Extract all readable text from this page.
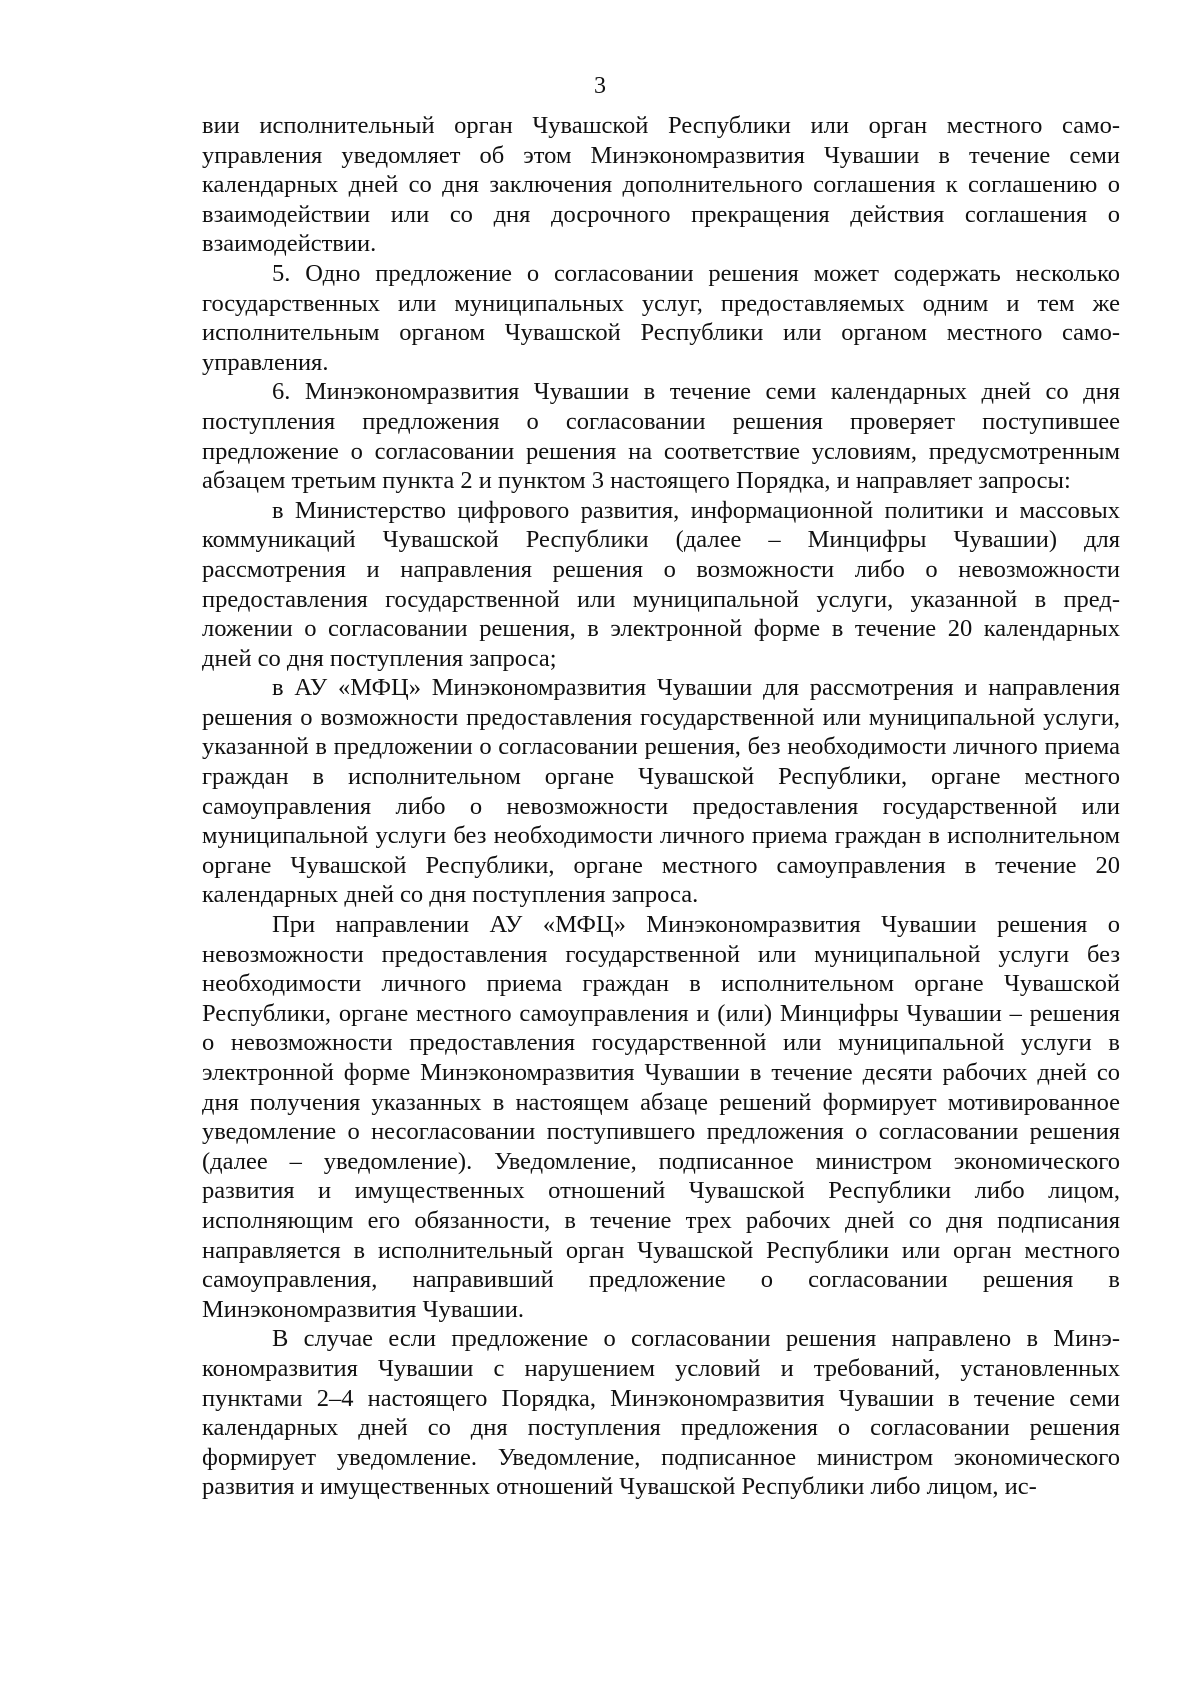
3

вии исполнительный орган Чувашской Республики или орган местного самоуправления уведомляет об этом Минэкономразвития Чувашии в течение семи календарных дней со дня заключения дополнительного соглашения к соглашению о взаимодействии или со дня досрочного прекращения действия соглашения о взаимодействии.

5. Одно предложение о согласовании решения может содержать несколько государственных или муниципальных услуг, предоставляемых одним и тем же исполнительным органом Чувашской Республики или органом местного самоуправления.

6. Минэкономразвития Чувашии в течение семи календарных дней со дня поступления предложения о согласовании решения проверяет поступившее предложение о согласовании решения на соответствие условиям, предусмотренным абзацем третьим пункта 2 и пунктом 3 настоящего Порядка, и направляет запросы:

в Министерство цифрового развития, информационной политики и массовых коммуникаций Чувашской Республики (далее – Минцифры Чувашии) для рассмотрения и направления решения о возможности либо о невозможности предоставления государственной или муниципальной услуги, указанной в предложении о согласовании решения, в электронной форме в течение 20 календарных дней со дня поступления запроса;

в АУ «МФЦ» Минэкономразвития Чувашии для рассмотрения и направления решения о возможности предоставления государственной или муниципальной услуги, указанной в предложении о согласовании решения, без необходимости личного приема граждан в исполнительном органе Чувашской Республики, органе местного самоуправления либо о невозможности предоставления государственной или муниципальной услуги без необходимости личного приема граждан в исполнительном органе Чувашской Республики, органе местного самоуправления в течение 20 календарных дней со дня поступления запроса.

При направлении АУ «МФЦ» Минэкономразвития Чувашии решения о невозможности предоставления государственной или муниципальной услуги без необходимости личного приема граждан в исполнительном органе Чувашской Республики, органе местного самоуправления и (или) Минцифры Чувашии – решения о невозможности предоставления государственной или муниципальной услуги в электронной форме Минэкономразвития Чувашии в течение десяти рабочих дней со дня получения указанных в настоящем абзаце решений формирует мотивированное уведомление о несогласовании поступившего предложения о согласовании решения (далее – уведомление). Уведомление, подписанное министром экономического развития и имущественных отношений Чувашской Республики либо лицом, исполняющим его обязанности, в течение трех рабочих дней со дня подписания направляется в исполнительный орган Чувашской Республики или орган местного самоуправления, направивший предложение о согласовании решения в Минэкономразвития Чувашии.

В случае если предложение о согласовании решения направлено в Минэкономразвития Чувашии с нарушением условий и требований, установленных пунктами 2–4 настоящего Порядка, Минэкономразвития Чувашии в течение семи календарных дней со дня поступления предложения о согласовании решения формирует уведомление. Уведомление, подписанное министром экономического развития и имущественных отношений Чувашской Республики либо лицом, ис-
